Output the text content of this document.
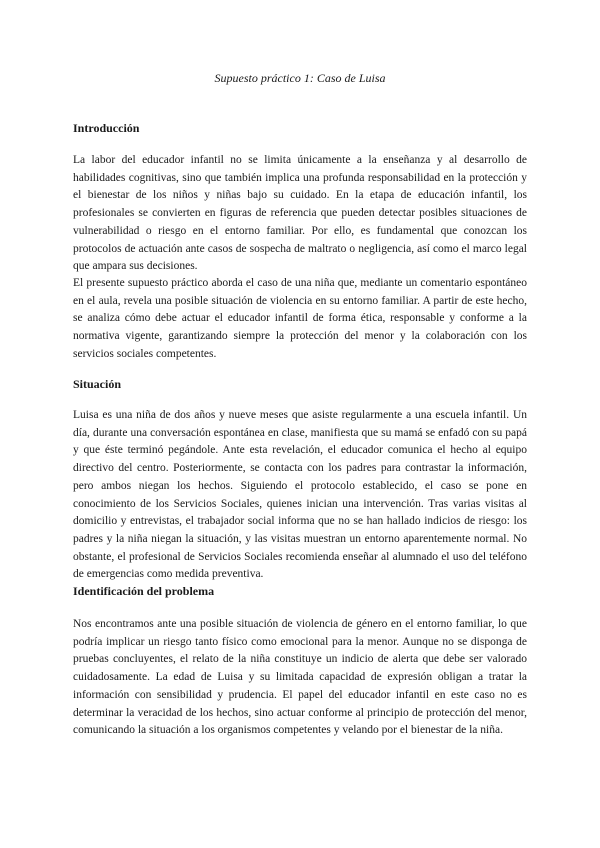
Supuesto práctico 1: Caso de Luisa
Introducción

La labor del educador infantil no se limita únicamente a la enseñanza y al desarrollo de habilidades cognitivas, sino que también implica una profunda responsabilidad en la protección y el bienestar de los niños y niñas bajo su cuidado. En la etapa de educación infantil, los profesionales se convierten en figuras de referencia que pueden detectar posibles situaciones de vulnerabilidad o riesgo en el entorno familiar. Por ello, es fundamental que conozcan los protocolos de actuación ante casos de sospecha de maltrato o negligencia, así como el marco legal que ampara sus decisiones.

El presente supuesto práctico aborda el caso de una niña que, mediante un comentario espontáneo en el aula, revela una posible situación de violencia en su entorno familiar. A partir de este hecho, se analiza cómo debe actuar el educador infantil de forma ética, responsable y conforme a la normativa vigente, garantizando siempre la protección del menor y la colaboración con los servicios sociales competentes.

Situación

Luisa es una niña de dos años y nueve meses que asiste regularmente a una escuela infantil. Un día, durante una conversación espontánea en clase, manifiesta que su mamá se enfadó con su papá y que éste terminó pegándole. Ante esta revelación, el educador comunica el hecho al equipo directivo del centro. Posteriormente, se contacta con los padres para contrastar la información, pero ambos niegan los hechos. Siguiendo el protocolo establecido, el caso se pone en conocimiento de los Servicios Sociales, quienes inician una intervención. Tras varias visitas al domicilio y entrevistas, el trabajador social informa que no se han hallado indicios de riesgo: los padres y la niña niegan la situación, y las visitas muestran un entorno aparentemente normal. No obstante, el profesional de Servicios Sociales recomienda enseñar al alumnado el uso del teléfono de emergencias como medida preventiva.

Identificación del problema

Nos encontramos ante una posible situación de violencia de género en el entorno familiar, lo que podría implicar un riesgo tanto físico como emocional para la menor. Aunque no se disponga de pruebas concluyentes, el relato de la niña constituye un indicio de alerta que debe ser valorado cuidadosamente. La edad de Luisa y su limitada capacidad de expresión obligan a tratar la información con sensibilidad y prudencia. El papel del educador infantil en este caso no es determinar la veracidad de los hechos, sino actuar conforme al principio de protección del menor, comunicando la situación a los organismos competentes y velando por el bienestar de la niña.
